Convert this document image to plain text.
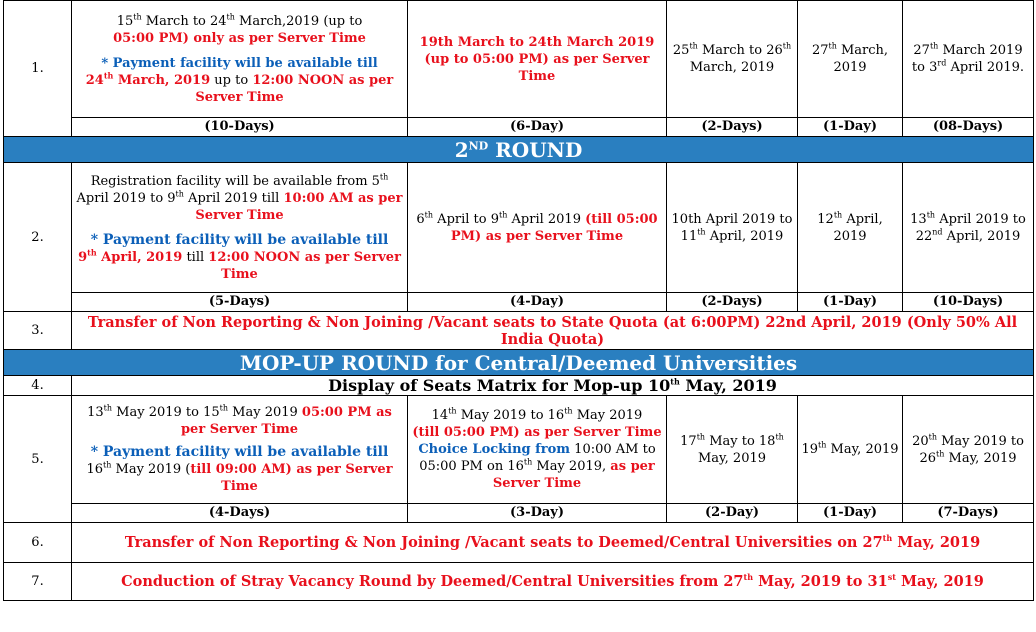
1.	15th March to 24th March,2019 (up to
05:00 PM) only as per Server Time
* Payment facility will be available till
24th March, 2019 up to 12:00 NOON as per Server Time	19th March to 24th March 2019 (up to 05:00 PM) as per Server Time	25th March to 26th March, 2019	27th March, 2019	27th March 2019 to 3rd April 2019.
	(10-Days)	(6-Day)	(2-Days)	(1-Day)	(08-Days)
2ND ROUND					
2.	Registration facility will be available from 5th April 2019 to 9th April 2019 till 10:00 AM as per Server Time
* Payment facility will be available till
9th April, 2019 till 12:00 NOON as per Server Time	6th April to 9th April 2019 (till 05:00 PM) as per Server Time	10th April 2019 to 11th April, 2019	12th April, 2019	13th April 2019 to 22nd April, 2019
	(5-Days)	(4-Day)	(2-Days)	(1-Day)	(10-Days)
3.	Transfer of Non Reporting & Non Joining /Vacant seats to State Quota (at 6:00PM) 22nd April, 2019 (Only 50% All India Quota)				
MOP-UP ROUND for Central/Deemed Universities					
4.	Display of Seats Matrix for Mop-up 10th May, 2019				
5.	13th May 2019 to 15th May 2019 05:00 PM as per Server Time
* Payment facility will be available till
16th May 2019 (till 09:00 AM) as per Server Time	14th May 2019 to 16th May 2019
(till 05:00 PM) as per Server Time
Choice Locking from 10:00 AM to 05:00 PM on 16th May 2019, as per Server Time	17th May to 18th May, 2019	19th May, 2019	20th May 2019 to 26th May, 2019
	(4-Days)	(3-Day)	(2-Day)	(1-Day)	(7-Days)
6.	Transfer of Non Reporting & Non Joining /Vacant seats to Deemed/Central Universities on 27th May, 2019				
7.	Conduction of Stray Vacancy Round by Deemed/Central Universities from 27th May, 2019 to 31st May, 2019				
